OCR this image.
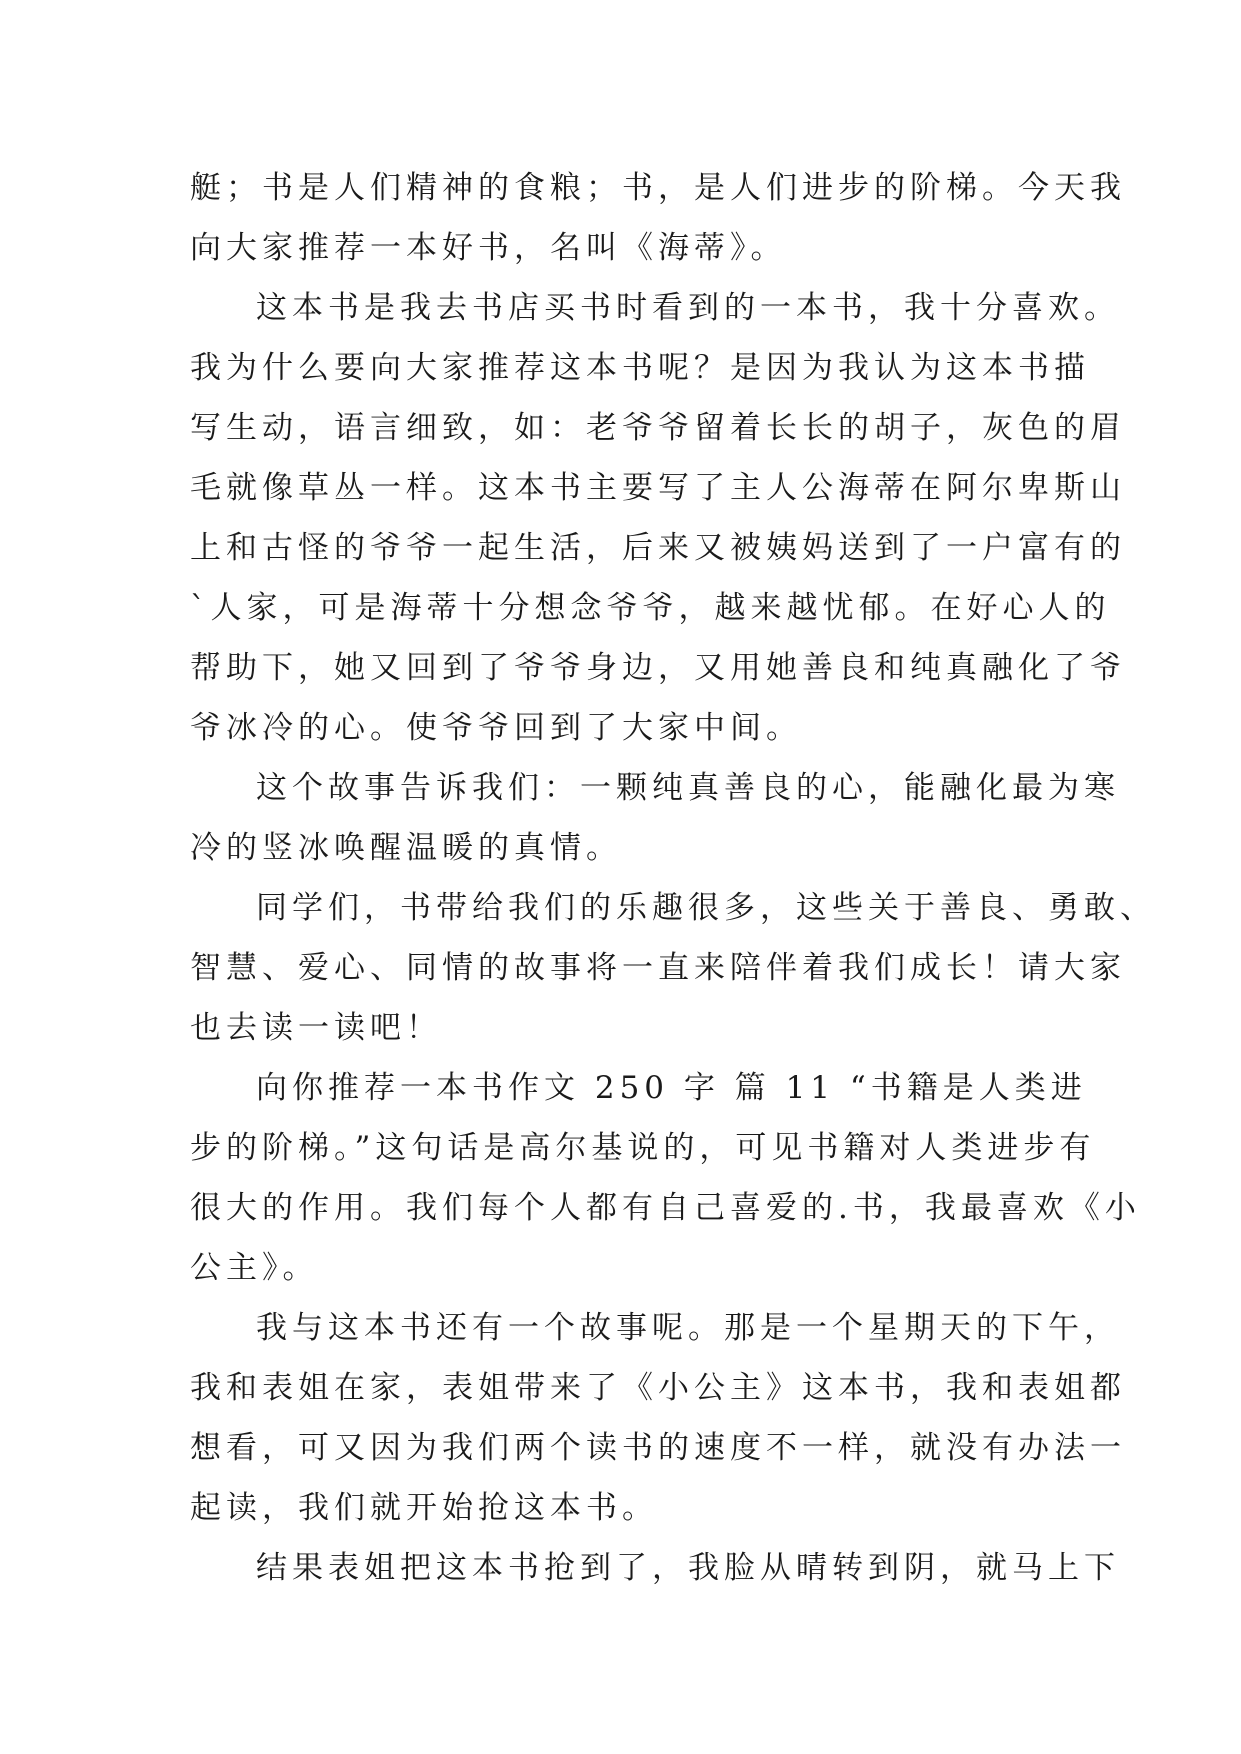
艇；书是人们精神的食粮；书，是人们进步的阶梯。今天我
向大家推荐一本好书，名叫《海蒂》。
这本书是我去书店买书时看到的一本书，我十分喜欢。
我为什么要向大家推荐这本书呢？是因为我认为这本书描
写生动，语言细致，如：老爷爷留着长长的胡子，灰色的眉
毛就像草丛一样。这本书主要写了主人公海蒂在阿尔卑斯山
上和古怪的爷爷一起生活，后来又被姨妈送到了一户富有的
`人家，可是海蒂十分想念爷爷，越来越忧郁。在好心人的
帮助下，她又回到了爷爷身边，又用她善良和纯真融化了爷
爷冰冷的心。使爷爷回到了大家中间。
这个故事告诉我们：一颗纯真善良的心，能融化最为寒
冷的竖冰唤醒温暖的真情。
同学们，书带给我们的乐趣很多，这些关于善良、勇敢、
智慧、爱心、同情的故事将一直来陪伴着我们成长！请大家
也去读一读吧！
向你推荐一本书作文 250 字 篇 11 “书籍是人类进
步的阶梯。”这句话是高尔基说的，可见书籍对人类进步有
很大的作用。我们每个人都有自己喜爱的.书，我最喜欢《小
公主》。
我与这本书还有一个故事呢。那是一个星期天的下午，
我和表姐在家，表姐带来了《小公主》这本书，我和表姐都
想看，可又因为我们两个读书的速度不一样，就没有办法一
起读，我们就开始抢这本书。
结果表姐把这本书抢到了，我脸从晴转到阴，就马上下
